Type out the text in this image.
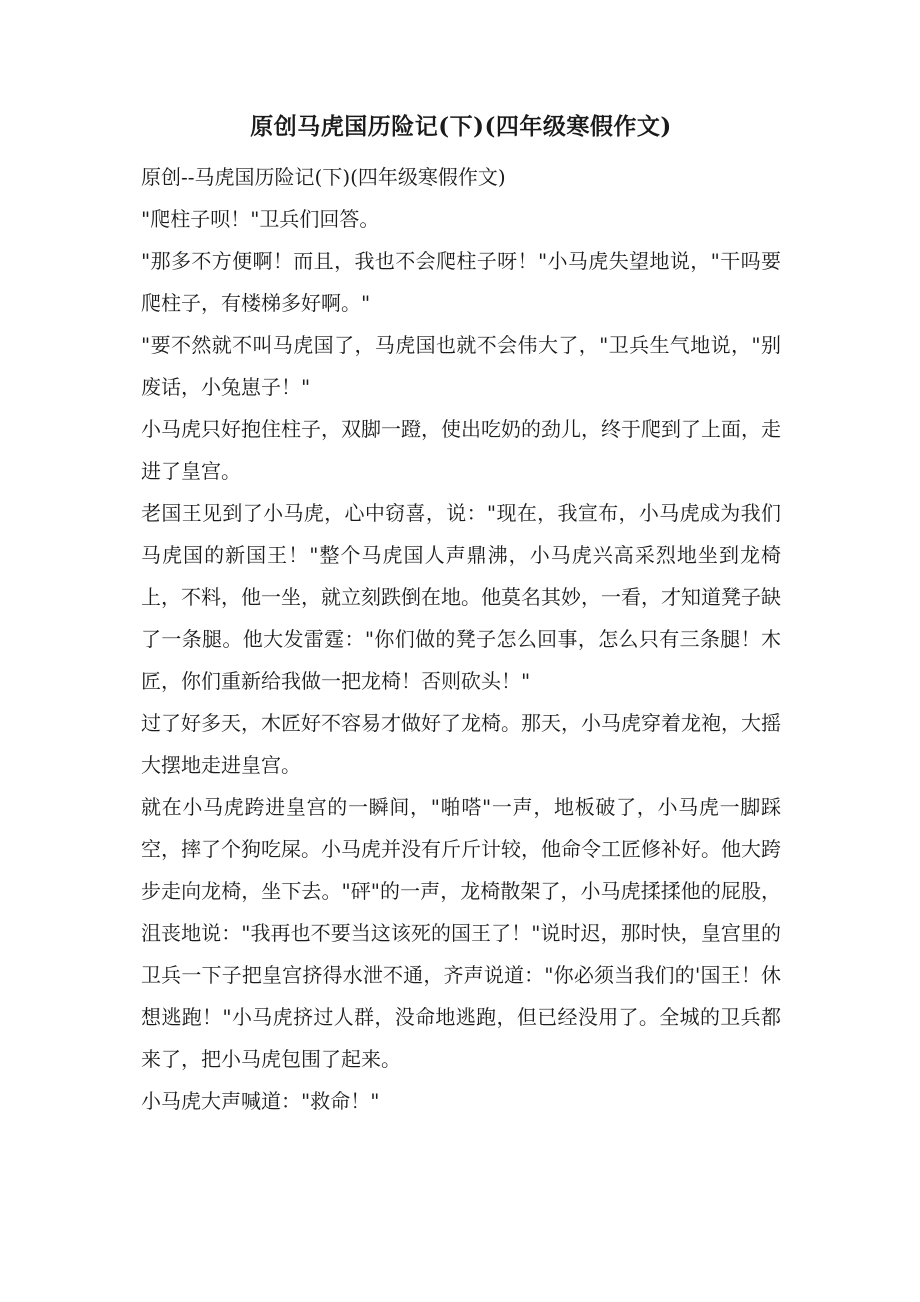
原创马虎国历险记(下)(四年级寒假作文)

原创--马虎国历险记(下)(四年级寒假作文)

"爬柱子呗！"卫兵们回答。

"那多不方便啊！而且，我也不会爬柱子呀！"小马虎失望地说，"干吗要爬柱子，有楼梯多好啊。"

"要不然就不叫马虎国了，马虎国也就不会伟大了，"卫兵生气地说，"别废话，小兔崽子！"

小马虎只好抱住柱子，双脚一蹬，使出吃奶的劲儿，终于爬到了上面，走进了皇宫。

老国王见到了小马虎，心中窃喜，说："现在，我宣布，小马虎成为我们马虎国的新国王！"整个马虎国人声鼎沸，小马虎兴高采烈地坐到龙椅上，不料，他一坐，就立刻跌倒在地。他莫名其妙，一看，才知道凳子缺了一条腿。他大发雷霆："你们做的凳子怎么回事，怎么只有三条腿！木匠，你们重新给我做一把龙椅！否则砍头！"

过了好多天，木匠好不容易才做好了龙椅。那天，小马虎穿着龙袍，大摇大摆地走进皇宫。

就在小马虎跨进皇宫的一瞬间，"啪嗒"一声，地板破了，小马虎一脚踩空，摔了个狗吃屎。小马虎并没有斤斤计较，他命令工匠修补好。他大跨步走向龙椅，坐下去。"砰"的一声，龙椅散架了，小马虎揉揉他的屁股，沮丧地说："我再也不要当这该死的国王了！"说时迟，那时快，皇宫里的卫兵一下子把皇宫挤得水泄不通，齐声说道："你必须当我们的'国王！休想逃跑！"小马虎挤过人群，没命地逃跑，但已经没用了。全城的卫兵都来了，把小马虎包围了起来。

小马虎大声喊道："救命！"
